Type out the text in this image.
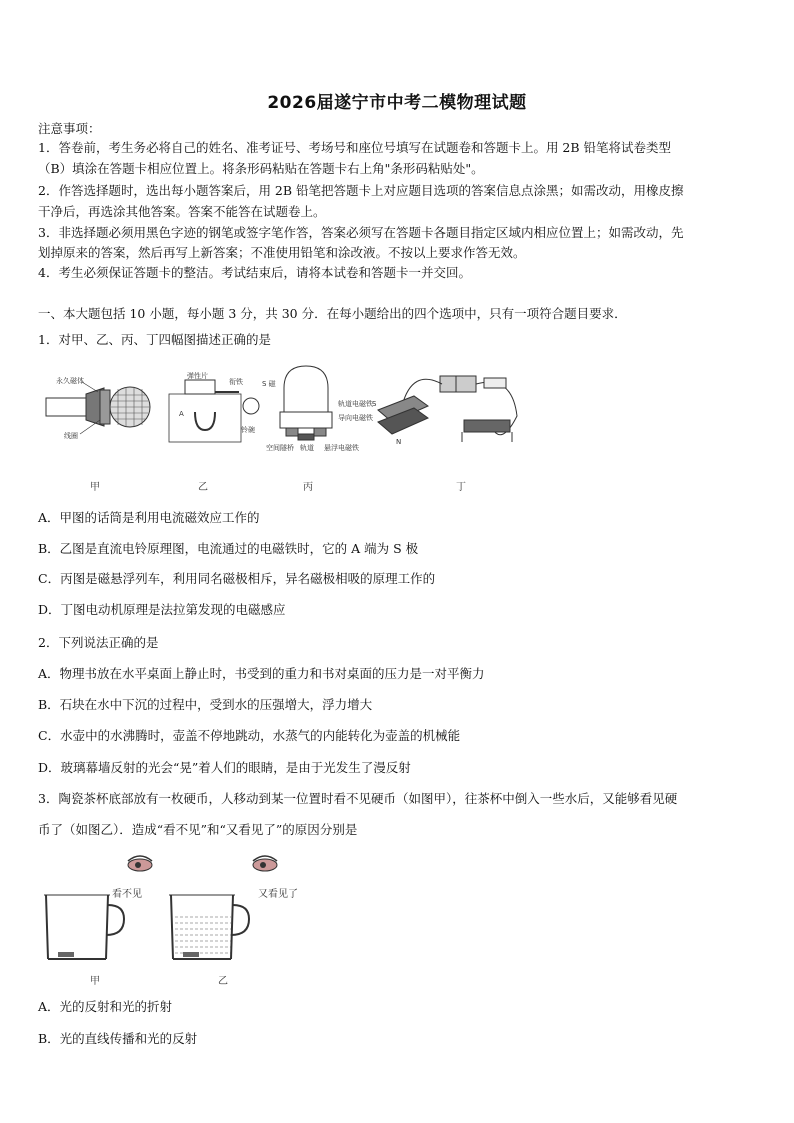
2026届遂宁市中考二模物理试题
注意事项：
1．答卷前，考生务必将自己的姓名、准考证号、考场号和座位号填写在试题卷和答题卡上。用 2B 铅笔将试卷类型
（B）填涂在答题卡相应位置上。将条形码粘贴在答题卡右上角"条形码粘贴处"。
2．作答选择题时，选出每小题答案后，用 2B 铅笔把答题卡上对应题目选项的答案信息点涂黑；如需改动，用橡皮擦
干净后，再选涂其他答案。答案不能答在试题卷上。
3．非选择题必须用黑色字迹的钢笔或签字笔作答，答案必须写在答题卡各题目指定区域内相应位置上；如需改动，先
划掉原来的答案，然后再写上新答案；不准使用铅笔和涂改液。不按以上要求作答无效。
4．考生必须保证答题卡的整洁。考试结束后，请将本试卷和答题卡一并交回。
一、本大题包括 10 小题，每小题 3 分，共 30 分．在每小题给出的四个选项中，只有一项符合题目要求．
1．对甲、乙、丙、丁四幅图描述正确的是
永久磁体
线圈
弹性片
A
衔铁
铃碗
S 磁
轨道电磁铁
导向电磁铁
空间隧桥 轨道 悬浮电磁铁
S
N
甲	乙	丙	丁
A．甲图的话筒是利用电流磁效应工作的
B．乙图是直流电铃原理图，电流通过的电磁铁时，它的 A 端为 S 极
C．丙图是磁悬浮列车，利用同名磁极相斥，异名磁极相吸的原理工作的
D．丁图电动机原理是法拉第发现的电磁感应
2．下列说法正确的是
A．物理书放在水平桌面上静止时，书受到的重力和书对桌面的压力是一对平衡力
B．石块在水中下沉的过程中，受到水的压强增大，浮力增大
C．水壶中的水沸腾时，壶盖不停地跳动，水蒸气的内能转化为壶盖的机械能
D．玻璃幕墙反射的光会“晃”着人们的眼睛，是由于光发生了漫反射
3．陶瓷茶杯底部放有一枚硬币，人移动到某一位置时看不见硬币（如图甲），往茶杯中倒入一些水后，又能够看见硬
币了（如图乙）．造成“看不见”和“又看见了”的原因分别是
看不见	又看见了
甲	乙
A．光的反射和光的折射
B．光的直线传播和光的反射
